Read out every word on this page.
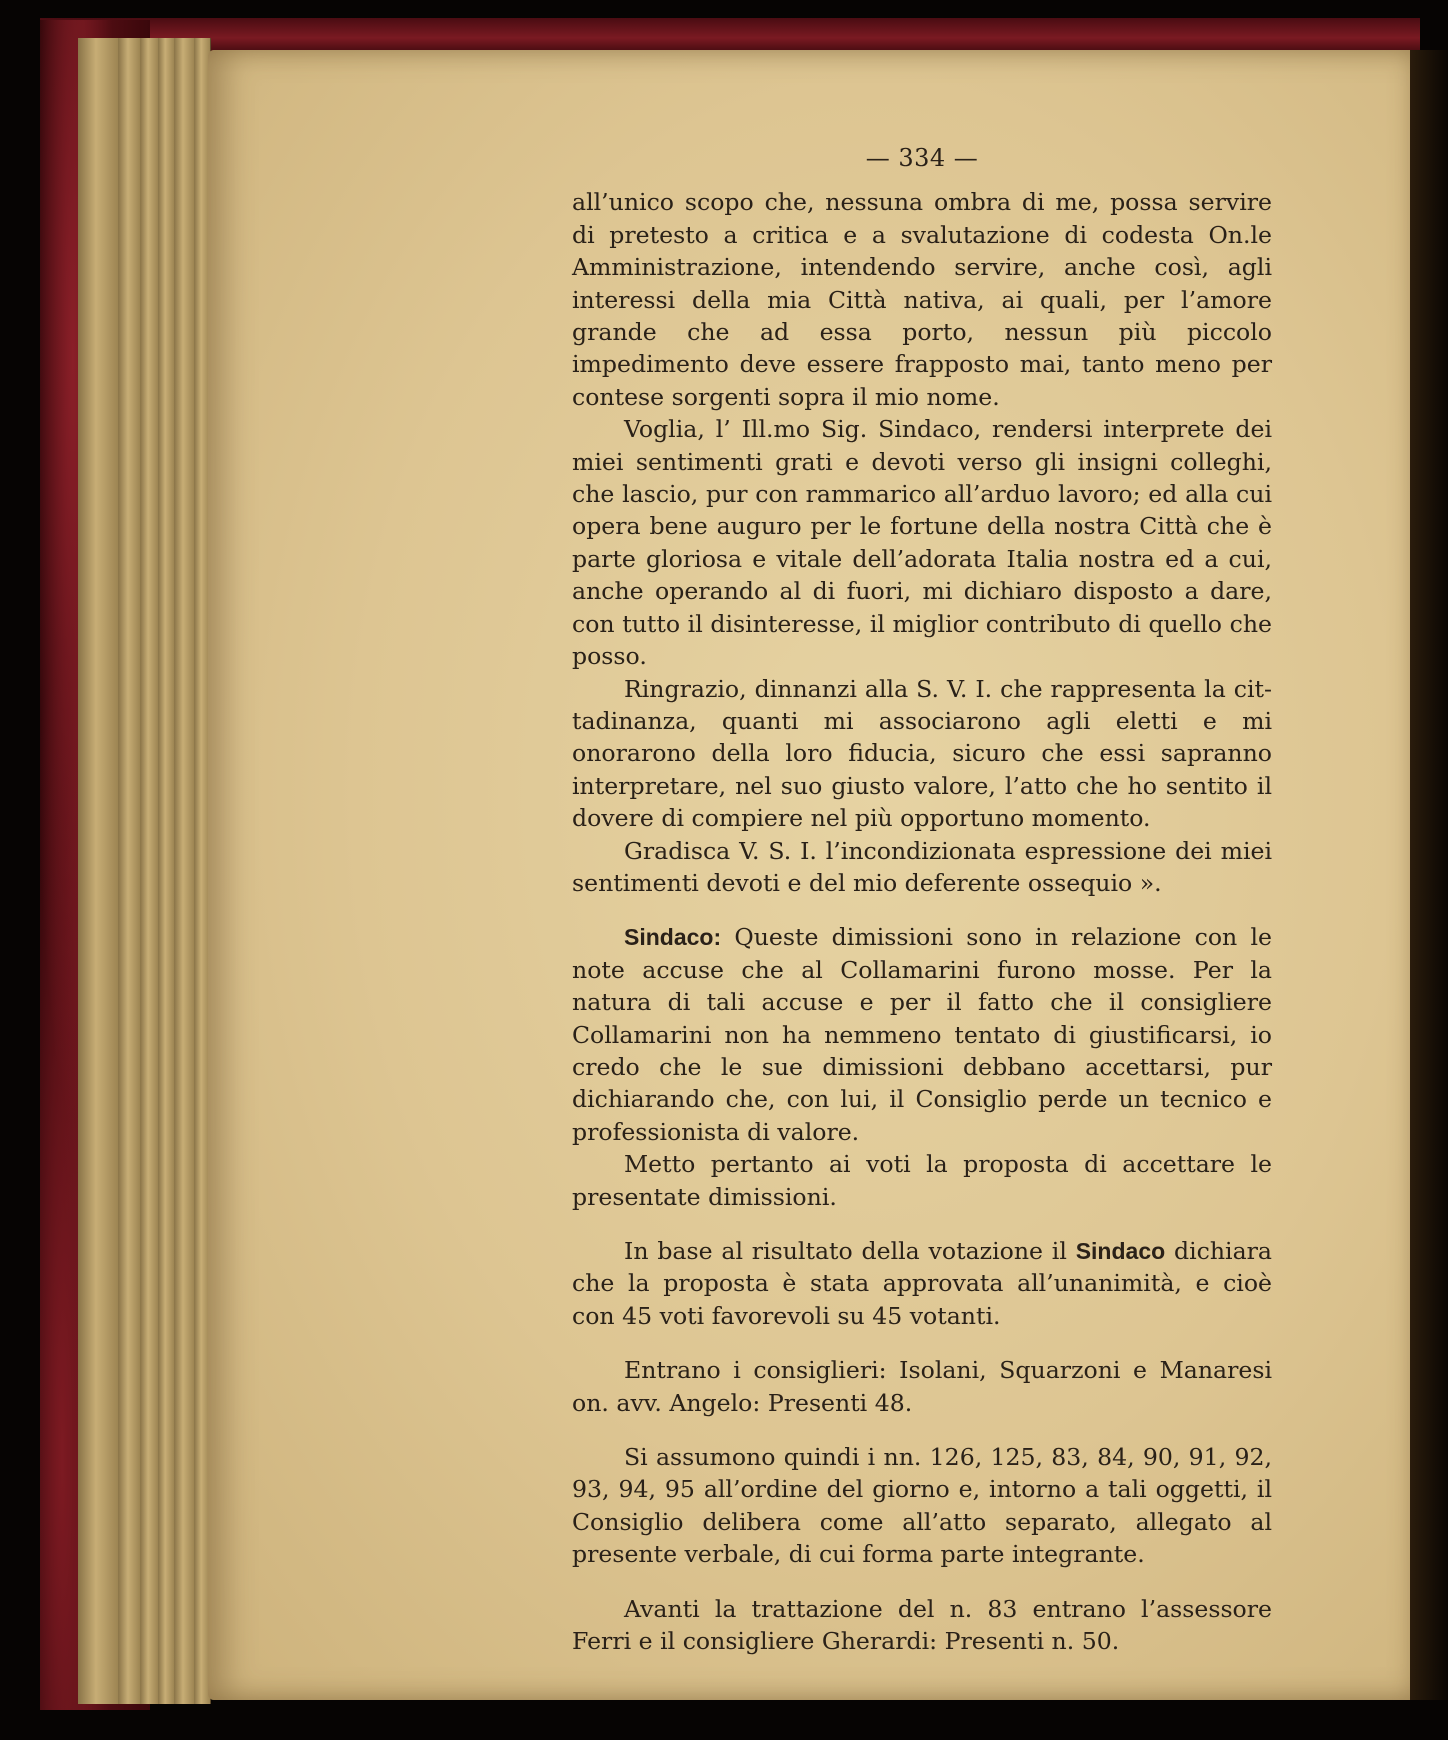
— 334 —

all’unico scopo che, nessuna ombra di me, possa servire di pretesto a critica e a svalutazione di codesta On.le Amministrazione, intendendo servire, anche così, agli interessi della mia Città nativa, ai quali, per l’amore grande che ad essa porto, nessun più piccolo impedimento deve essere frapposto mai, tanto meno per contese sorgenti sopra il mio nome.

Voglia, l’ Ill.mo Sig. Sindaco, rendersi interprete dei miei sentimenti grati e devoti verso gli insigni colleghi, che lascio, pur con rammarico all’arduo lavoro; ed alla cui opera bene auguro per le fortune della nostra Città che è parte gloriosa e vitale dell’adorata Italia nostra ed a cui, anche operando al di fuori, mi dichiaro disposto a dare, con tutto il disinteresse, il miglior contributo di quello che posso.

Ringrazio, dinnanzi alla S. V. I. che rappresenta la cittadinanza, quanti mi associarono agli eletti e mi onorarono della loro fiducia, sicuro che essi sapranno interpretare, nel suo giusto valore, l’atto che ho sentito il dovere di compiere nel più opportuno momento.

Gradisca V. S. I. l’incondizionata espressione dei miei sentimenti devoti e del mio deferente ossequio ».

Sindaco: Queste dimissioni sono in relazione con le note accuse che al Collamarini furono mosse. Per la natura di tali accuse e per il fatto che il consigliere Collamarini non ha nemmeno tentato di giustificarsi, io credo che le sue dimissioni debbano accettarsi, pur dichiarando che, con lui, il Consiglio perde un tecnico e professionista di valore.

Metto pertanto ai voti la proposta di accettare le presentate dimissioni.

In base al risultato della votazione il Sindaco dichiara che la proposta è stata approvata all’unanimità, e cioè con 45 voti favorevoli su 45 votanti.

Entrano i consiglieri: Isolani, Squarzoni e Manaresi on. avv. Angelo: Presenti 48.

Si assumono quindi i nn. 126, 125, 83, 84, 90, 91, 92, 93, 94, 95 all’ordine del giorno e, intorno a tali oggetti, il Consiglio delibera come all’atto separato, allegato al presente verbale, di cui forma parte integrante.

Avanti la trattazione del n. 83 entrano l’assessore Ferri e il consigliere Gherardi: Presenti n. 50.
